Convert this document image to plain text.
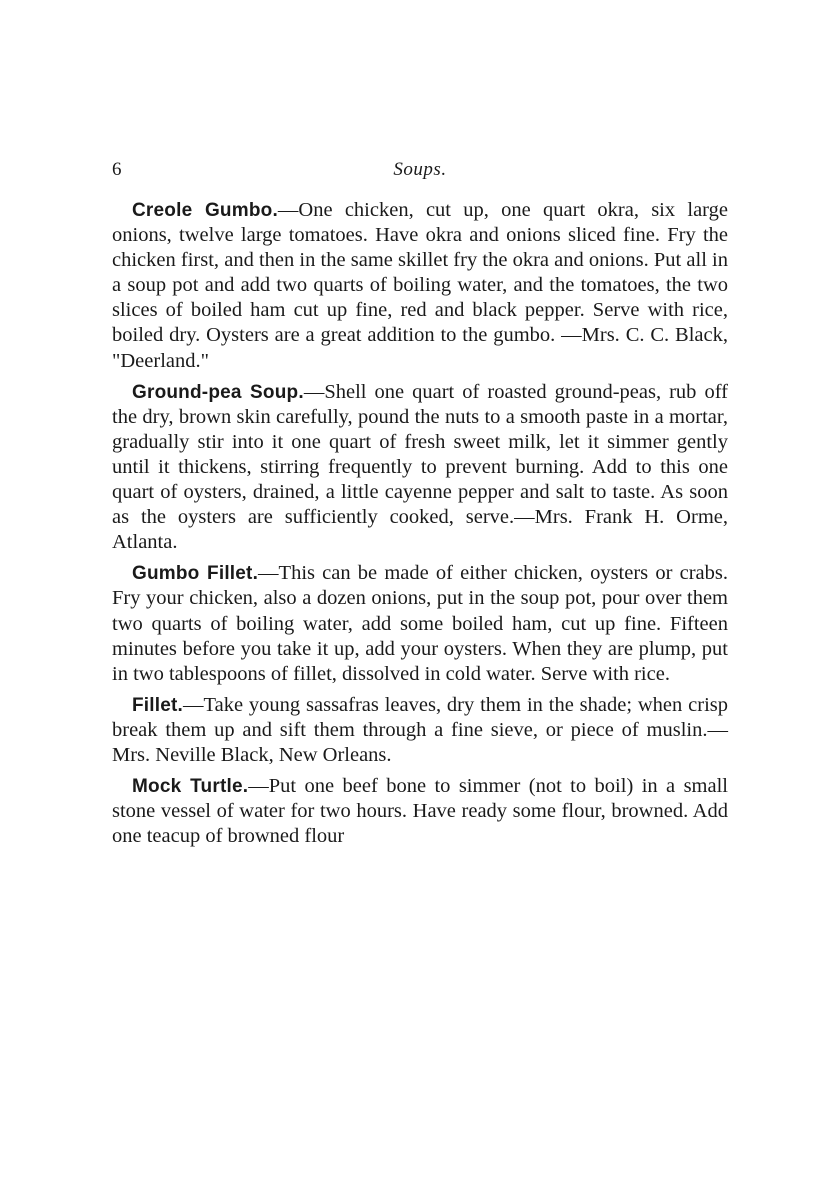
6	Soups.

Creole Gumbo.—One chicken, cut up, one quart okra, six large onions, twelve large tomatoes. Have okra and onions sliced fine. Fry the chicken first, and then in the same skillet fry the okra and onions. Put all in a soup pot and add two quarts of boiling water, and the tomatoes, the two slices of boiled ham cut up fine, red and black pepper. Serve with rice, boiled dry. Oysters are a great addition to the gumbo. —Mrs. C. C. Black, "Deerland."

Ground-pea Soup.—Shell one quart of roasted ground-peas, rub off the dry, brown skin carefully, pound the nuts to a smooth paste in a mortar, gradually stir into it one quart of fresh sweet milk, let it simmer gently until it thickens, stirring frequently to prevent burning. Add to this one quart of oysters, drained, a little cayenne pepper and salt to taste. As soon as the oysters are sufficiently cooked, serve.—Mrs. Frank H. Orme, Atlanta.

Gumbo Fillet.—This can be made of either chicken, oysters or crabs. Fry your chicken, also a dozen onions, put in the soup pot, pour over them two quarts of boiling water, add some boiled ham, cut up fine. Fifteen minutes before you take it up, add your oysters. When they are plump, put in two tablespoons of fillet, dissolved in cold water. Serve with rice.

Fillet.—Take young sassafras leaves, dry them in the shade; when crisp break them up and sift them through a fine sieve, or piece of muslin.—Mrs. Neville Black, New Orleans.

Mock Turtle.—Put one beef bone to simmer (not to boil) in a small stone vessel of water for two hours. Have ready some flour, browned. Add one teacup of browned flour
